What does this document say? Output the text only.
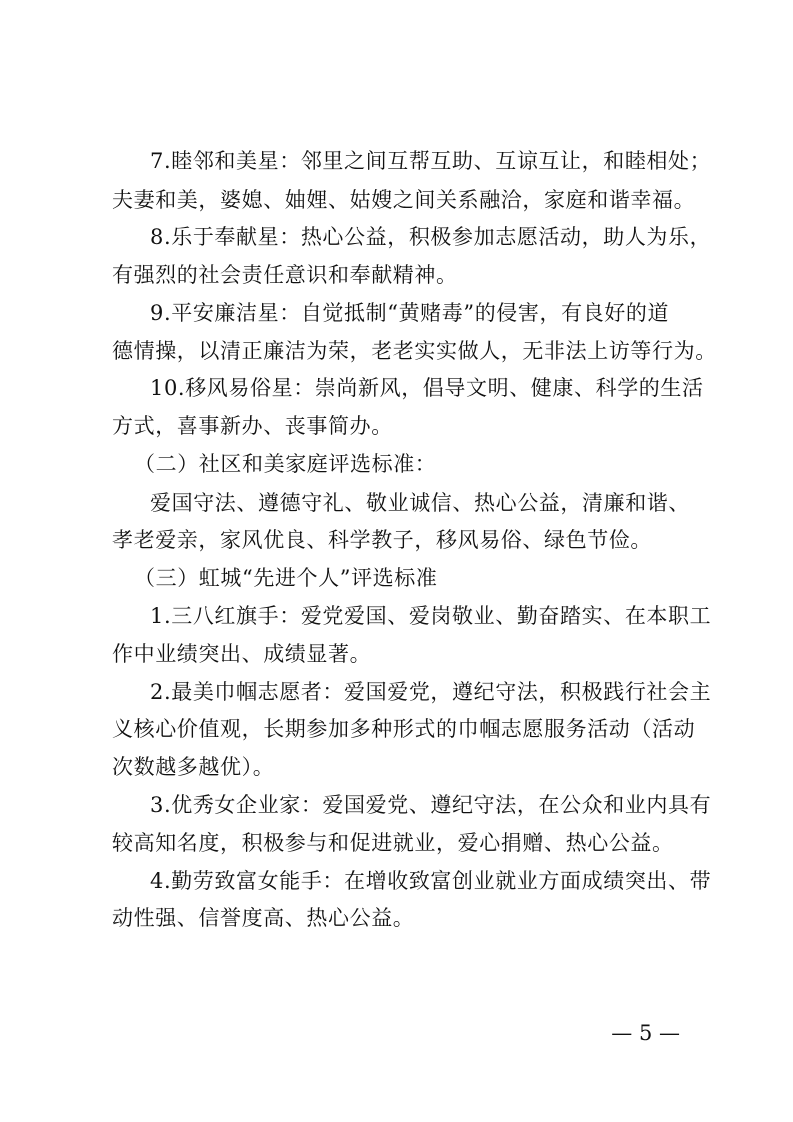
7.睦邻和美星：邻里之间互帮互助、互谅互让，和睦相处；
夫妻和美，婆媳、妯娌、姑嫂之间关系融洽，家庭和谐幸福。
8.乐于奉献星：热心公益，积极参加志愿活动，助人为乐，
有强烈的社会责任意识和奉献精神。
9.平安廉洁星：自觉抵制“黄赌毒”的侵害，有良好的道
德情操，以清正廉洁为荣，老老实实做人，无非法上访等行为。
10.移风易俗星：崇尚新风，倡导文明、健康、科学的生活
方式，喜事新办、丧事简办。
（二）社区和美家庭评选标准：
爱国守法、遵德守礼、敬业诚信、热心公益，清廉和谐、
孝老爱亲，家风优良、科学教子，移风易俗、绿色节俭。
（三）虹城“先进个人”评选标准
1.三八红旗手：爱党爱国、爱岗敬业、勤奋踏实、在本职工
作中业绩突出、成绩显著。
2.最美巾帼志愿者：爱国爱党，遵纪守法，积极践行社会主
义核心价值观，长期参加多种形式的巾帼志愿服务活动（活动
次数越多越优）。
3.优秀女企业家：爱国爱党、遵纪守法，在公众和业内具有
较高知名度，积极参与和促进就业，爱心捐赠、热心公益。
4.勤劳致富女能手：在增收致富创业就业方面成绩突出、带
动性强、信誉度高、热心公益。
— 5 —
